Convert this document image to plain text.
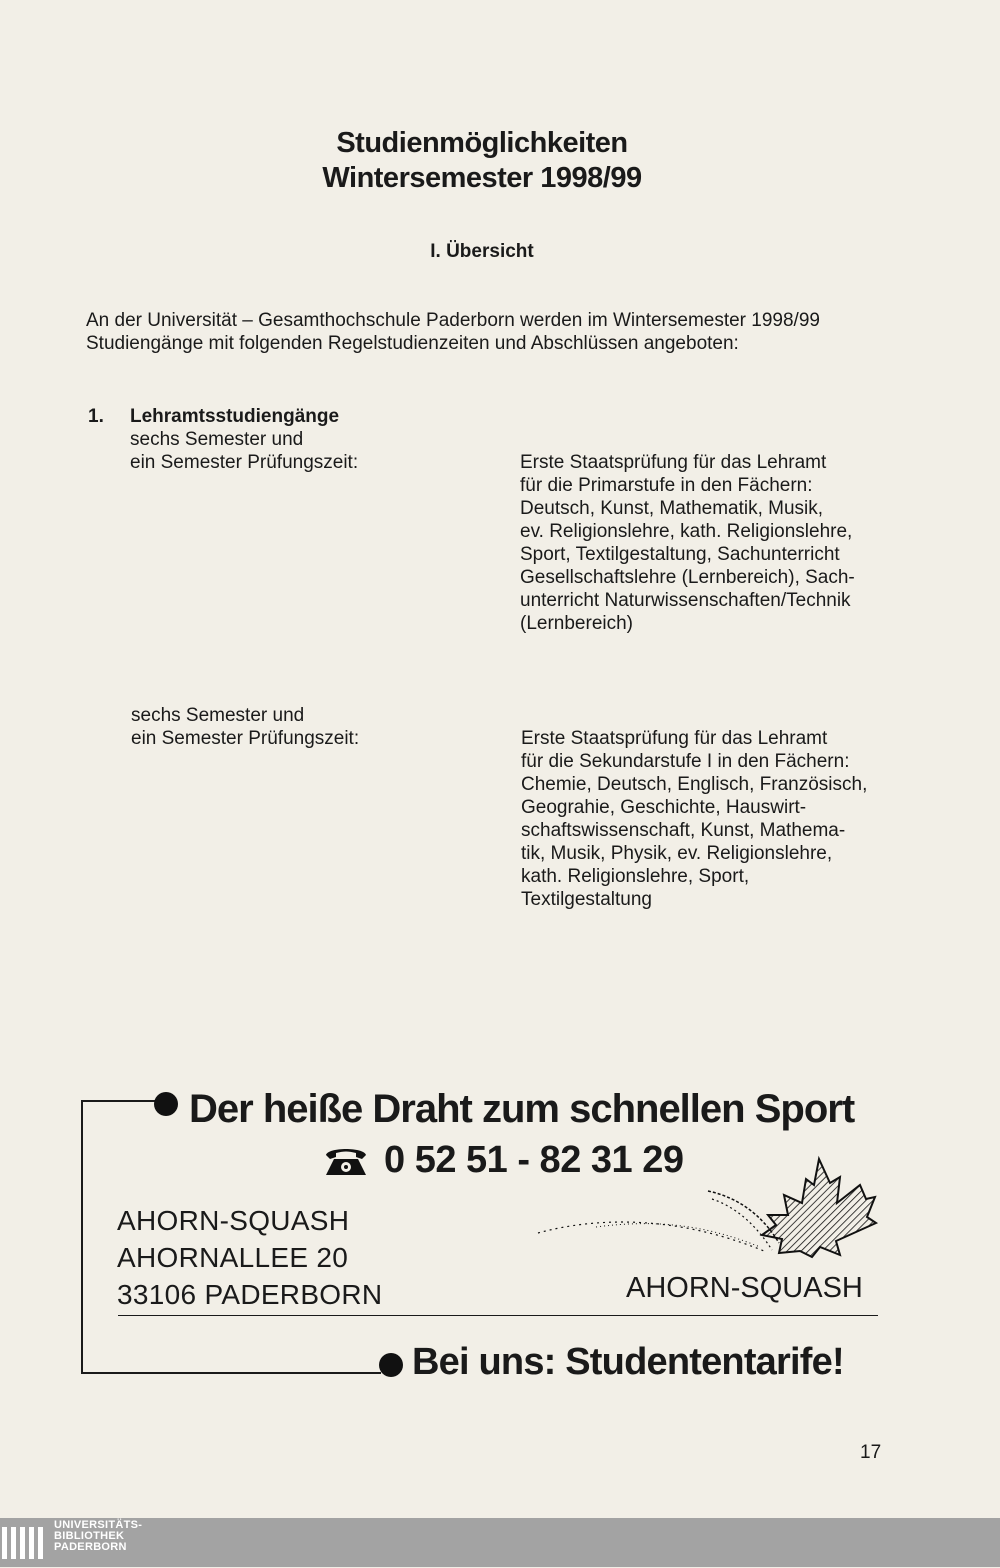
Studienmöglichkeiten
Wintersemester 1998/99
I. Übersicht
An der Universität – Gesamthochschule Paderborn werden im Wintersemester 1998/99 Studiengänge mit folgenden Regelstudienzeiten und Abschlüssen angeboten:
1. Lehramtsstudiengänge
sechs Semester und
ein Semester Prüfungszeit:	Erste Staatsprüfung für das Lehramt
für die Primarstufe in den Fächern:
Deutsch, Kunst, Mathematik, Musik,
ev. Religionslehre, kath. Religionslehre,
Sport, Textilgestaltung, Sachunterricht
Gesellschaftslehre (Lernbereich), Sach-
unterricht Naturwissenschaften/Technik
(Lernbereich)
sechs Semester und
ein Semester Prüfungszeit:	Erste Staatsprüfung für das Lehramt
für die Sekundarstufe I in den Fächern:
Chemie, Deutsch, Englisch, Französisch,
Geograhie, Geschichte, Hauswirt-
schaftswissenschaft, Kunst, Mathema-
tik, Musik, Physik, ev. Religionslehre,
kath. Religionslehre, Sport,
Textilgestaltung
Der heiße Draht zum schnellen Sport
0 52 51 - 82 31 29
AHORN-SQUASH
AHORNALLEE 20
33106 PADERBORN	AHORN-SQUASH
Bei uns: Studententarife!
17
UNIVERSITÄTS-
BIBLIOTHEK
PADERBORN
